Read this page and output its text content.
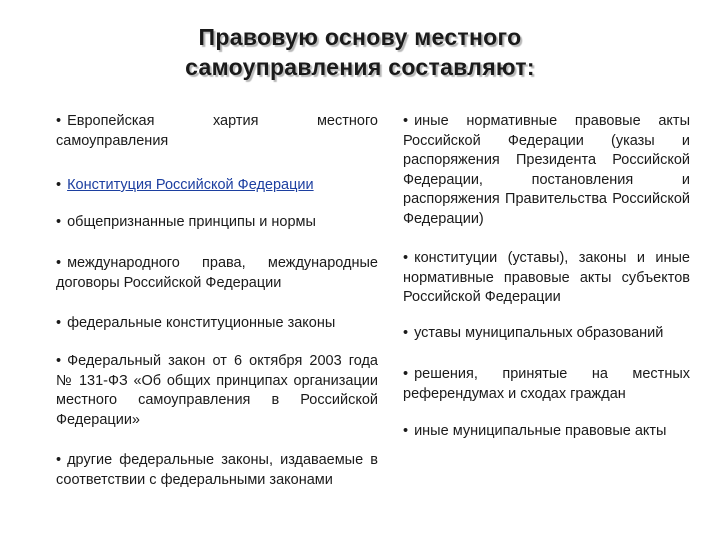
Правовую основу местного
самоуправления составляют:
• Европейская хартия местного самоуправления
• Конституция Российской Федерации
• общепризнанные принципы и нормы
• международного права, международные договоры Российской Федерации
• федеральные конституционные законы
• Федеральный закон от 6 октября 2003 года № 131-ФЗ «Об общих принципах организации местного самоуправления в Российской Федерации»
• другие федеральные законы, издаваемые в соответствии с федеральными законами
• иные нормативные правовые акты Российской Федерации (указы и распоряжения Президента Российской Федерации, постановления и распоряжения Правительства Российской Федерации)
• конституции (уставы), законы и иные нормативные правовые акты субъектов Российской Федерации
• уставы муниципальных образований
• решения, принятые на местных референдумах и сходах граждан
• иные муниципальные правовые акты
